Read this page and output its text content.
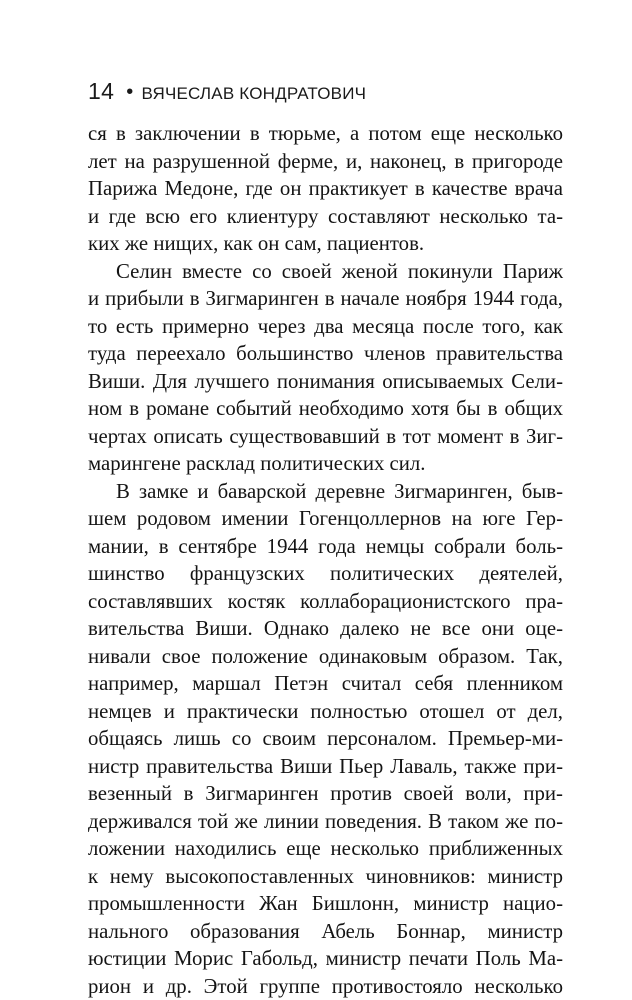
14 • ВЯЧЕСЛАВ КОНДРАТОВИЧ
ся в заключении в тюрьме, а потом еще несколько
лет на разрушенной ферме, и, наконец, в пригороде
Парижа Медоне, где он практикует в качестве врача
и где всю его клиентуру составляют несколько та-
ких же нищих, как он сам, пациентов.
Селин вместе со своей женой покинули Париж
и прибыли в Зигмаринген в начале ноября 1944 года,
то есть примерно через два месяца после того, как
туда переехало большинство членов правительства
Виши. Для лучшего понимания описываемых Сели-
ном в романе событий необходимо хотя бы в общих
чертах описать существовавший в тот момент в Зиг-
марингене расклад политических сил.
В замке и баварской деревне Зигмаринген, быв-
шем родовом имении Гогенцоллернов на юге Гер-
мании, в сентябре 1944 года немцы собрали боль-
шинство французских политических деятелей,
составлявших костяк коллаборационистского пра-
вительства Виши. Однако далеко не все они оце-
нивали свое положение одинаковым образом. Так,
например, маршал Петэн считал себя пленником
немцев и практически полностью отошел от дел,
общаясь лишь со своим персоналом. Премьер-ми-
нистр правительства Виши Пьер Лаваль, также при-
везенный в Зигмаринген против своей воли, при-
держивался той же линии поведения. В таком же по-
ложении находились еще несколько приближенных
к нему высокопоставленных чиновников: министр
промышленности Жан Бишлонн, министр нацио-
нального образования Абель Боннар, министр
юстиции Морис Габольд, министр печати Поль Ма-
рион и др. Этой группе противостояло несколько
